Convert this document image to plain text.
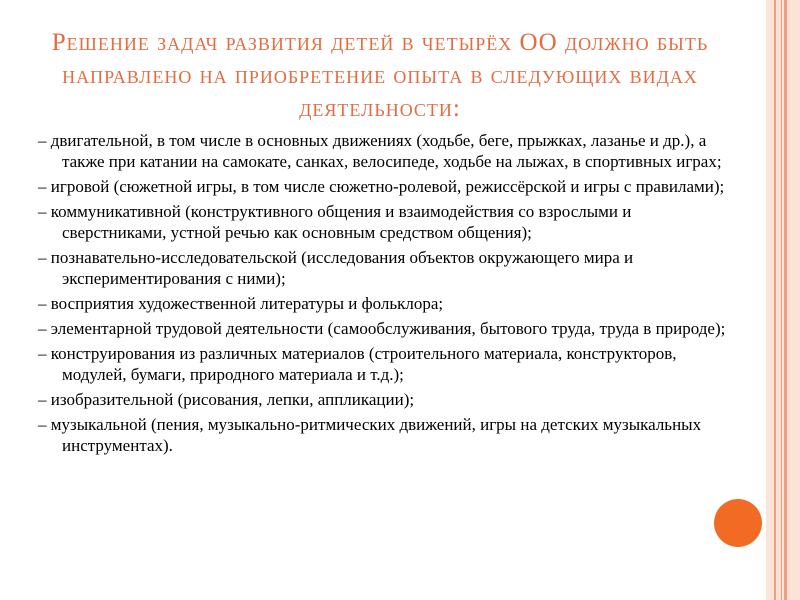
Решение задач развития детей в четырёх ОО должно быть направлено на приобретение опыта в следующих видах деятельности:

– двигательной, в том числе в основных движениях (ходьбе, беге, прыжках, лазанье и др.), а также при катании на самокате, санках, велосипеде, ходьбе на лыжах, в спортивных играх;

– игровой (сюжетной игры, в том числе сюжетно-ролевой, режиссёрской и игры с правилами);

– коммуникативной (конструктивного общения и взаимодействия со взрослыми и сверстниками, устной речью как основным средством общения);

– познавательно-исследовательской (исследования объектов окружающего мира и экспериментирования с ними);

– восприятия художественной литературы и фольклора;

– элементарной трудовой деятельности (самообслуживания, бытового труда, труда в природе);

– конструирования из различных материалов (строительного материала, конструкторов, модулей, бумаги, природного материала и т.д.);

– изобразительной (рисования, лепки, аппликации);

– музыкальной (пения, музыкально-ритмических движений, игры на детских музыкальных инструментах).
